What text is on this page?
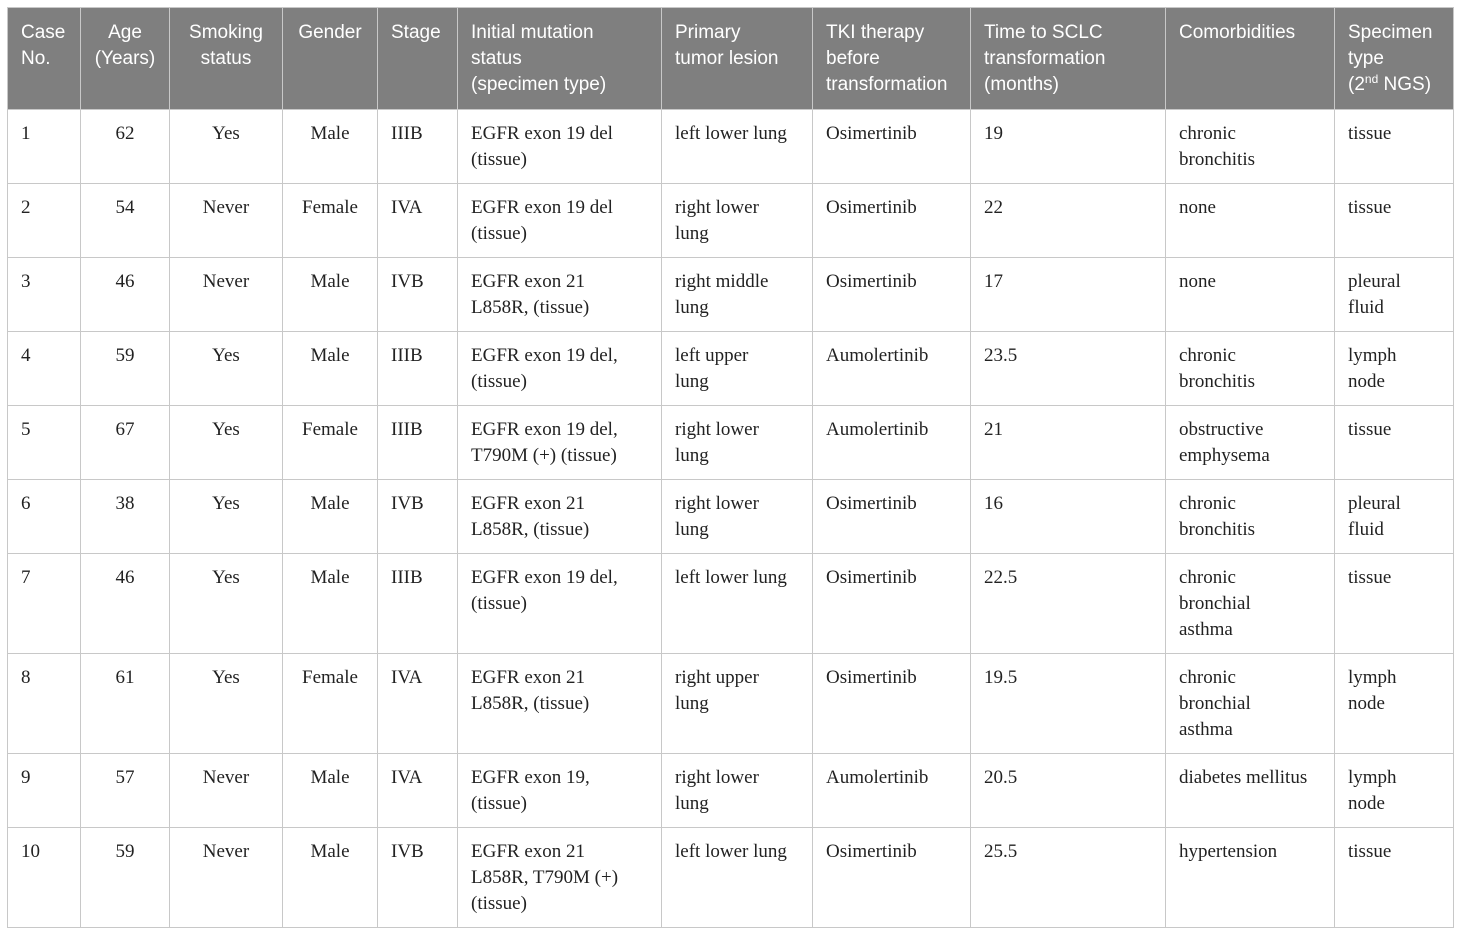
Case
No.	Age
(Years)	Smoking
status	Gender	Stage	Initial mutation
status
(specimen type)	Primary
tumor lesion	TKI therapy
before
transformation	Time to SCLC
transformation
(months)	Comorbidities	Specimen
type
(2nd NGS)

1	62	Yes	Male	IIIB	EGFR exon 19 del
(tissue)	left lower lung	Osimertinib	19	chronic
bronchitis	tissue

2	54	Never	Female	IVA	EGFR exon 19 del
(tissue)	right lower
lung	Osimertinib	22	none	tissue

3	46	Never	Male	IVB	EGFR exon 21
L858R, (tissue)	right middle
lung	Osimertinib	17	none	pleural
fluid

4	59	Yes	Male	IIIB	EGFR exon 19 del,
(tissue)	left upper
lung	Aumolertinib	23.5	chronic
bronchitis	lymph
node

5	67	Yes	Female	IIIB	EGFR exon 19 del,
T790M (+) (tissue)	right lower
lung	Aumolertinib	21	obstructive
emphysema	tissue

6	38	Yes	Male	IVB	EGFR exon 21
L858R, (tissue)	right lower
lung	Osimertinib	16	chronic
bronchitis	pleural
fluid

7	46	Yes	Male	IIIB	EGFR exon 19 del,
(tissue)	left lower lung	Osimertinib	22.5	chronic
bronchial
asthma	tissue

8	61	Yes	Female	IVA	EGFR exon 21
L858R, (tissue)	right upper
lung	Osimertinib	19.5	chronic
bronchial
asthma	lymph
node

9	57	Never	Male	IVA	EGFR exon 19,
(tissue)	right lower
lung	Aumolertinib	20.5	diabetes mellitus	lymph
node

10	59	Never	Male	IVB	EGFR exon 21
L858R, T790M (+)
(tissue)	left lower lung	Osimertinib	25.5	hypertension	tissue
